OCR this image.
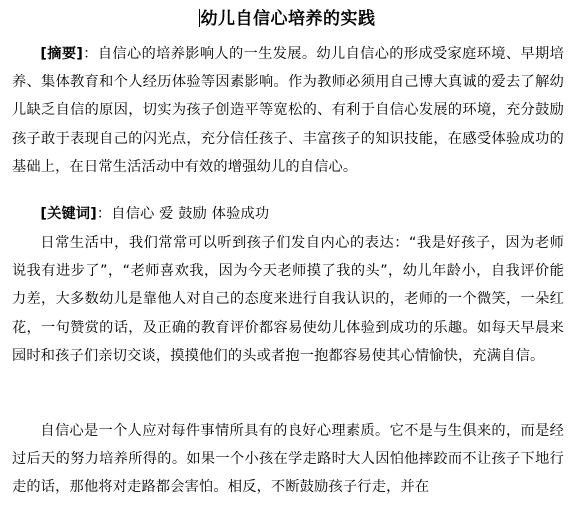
幼儿自信心培养的实践

[摘要]：自信心的培养影响人的一生发展。幼儿自信心的形成受家庭环境、早期培养、集体教育和个人经历体验等因素影响。作为教师必须用自己博大真诚的爱去了解幼儿缺乏自信的原因，切实为孩子创造平等宽松的、有利于自信心发展的环境，充分鼓励孩子敢于表现自己的闪光点，充分信任孩子、丰富孩子的知识技能，在感受体验成功的基础上，在日常生活活动中有效的增强幼儿的自信心。

[关键词]：自信心 爱 鼓励 体验成功

日常生活中，我们常常可以听到孩子们发自内心的表达：“我是好孩子，因为老师说我有进步了”，“老师喜欢我，因为今天老师摸了我的头”，幼儿年龄小，自我评价能力差，大多数幼儿是靠他人对自己的态度来进行自我认识的，老师的一个微笑，一朵红花，一句赞赏的话，及正确的教育评价都容易使幼儿体验到成功的乐趣。如每天早晨来园时和孩子们亲切交谈，摸摸他们的头或者抱一抱都容易使其心情愉快，充满自信。

自信心是一个人应对每件事情所具有的良好心理素质。它不是与生俱来的，而是经过后天的努力培养所得的。如果一个小孩在学走路时大人因怕他摔跤而不让孩子下地行走的话，那他将对走路都会害怕。相反，不断鼓励孩子行走，并在
